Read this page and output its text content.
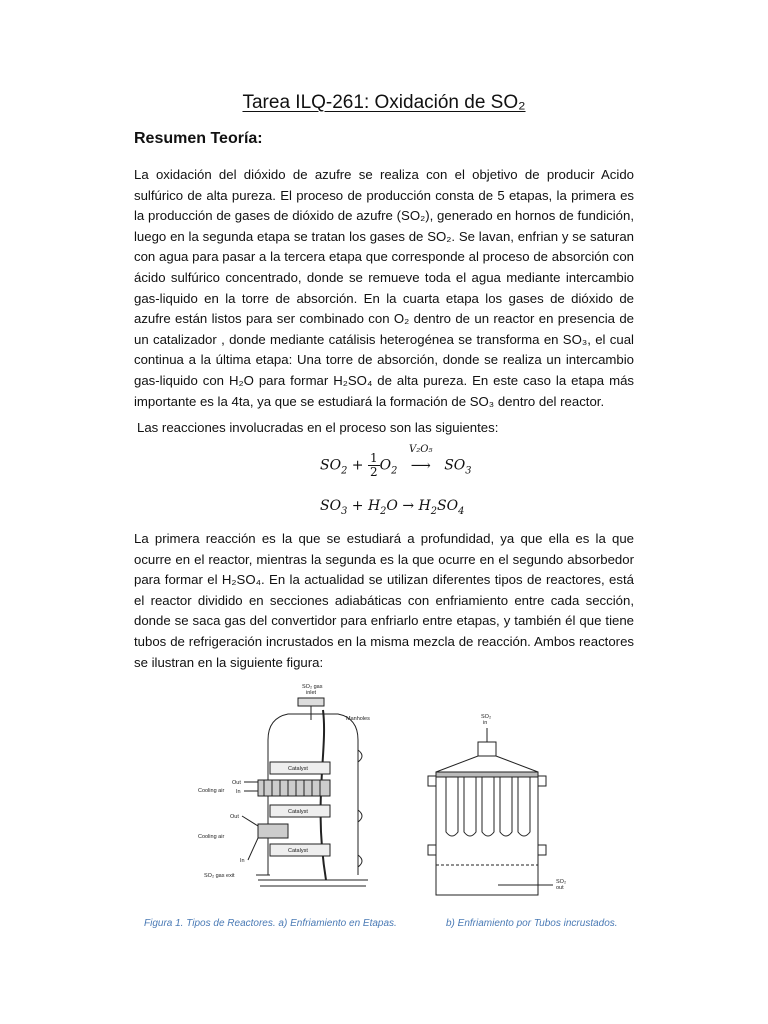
Tarea ILQ-261: Oxidación de SO₂
Resumen Teoría:
La oxidación del dióxido de azufre se realiza con el objetivo de producir Acido sulfúrico de alta pureza. El proceso de producción consta de 5 etapas, la primera es la producción de gases de dióxido de azufre (SO₂), generado en hornos de fundición, luego en la segunda etapa se tratan los gases de SO₂. Se lavan, enfrian y se saturan con agua para pasar a la tercera etapa que corresponde al proceso de absorción con ácido sulfúrico concentrado, donde se remueve toda el agua mediante intercambio gas-liquido en la torre de absorción. En la cuarta etapa los gases de dióxido de azufre están listos para ser combinado con O₂ dentro de un reactor en presencia de un catalizador , donde mediante catálisis heterogénea se transforma en SO₃, el cual continua a la última etapa: Una torre de absorción, donde se realiza un intercambio gas-liquido con H₂O para formar H₂SO₄ de alta pureza. En este caso la etapa más importante es la 4ta, ya que se estudiará la formación de SO₃ dentro del reactor.
Las reacciones involucradas en el proceso son las siguientes:
$SO_2 + \frac{1}{2} O_2$
V₂O₅
⟶ $SO_3$
$SO_3 + H_2O \to H_2SO_4$
La primera reacción es la que se estudiará a profundidad, ya que ella es la que ocurre en el reactor, mientras la segunda es la que ocurre en el segundo absorbedor para formar el H₂SO₄. En la actualidad se utilizan diferentes tipos de reactores, está el reactor dividido en secciones adiabáticas con enfriamiento entre cada sección, donde se saca gas del convertidor para enfriarlo entre etapas, y también él que tiene tubos de refrigeración incrustados en la misma mezcla de reacción. Ambos reactores se ilustran en la siguiente figura:
SO₂ gas
inlet
Manholes
Catalyst
Catalyst
Catalyst
Cooling air
Out
In
Out
Cooling air
In
SO₂ gas exit
SO₂
in
SO₂
out
Figura 1. Tipos de Reactores. a) Enfriamiento en Etapas.	b) Enfriamiento por Tubos incrustados.
